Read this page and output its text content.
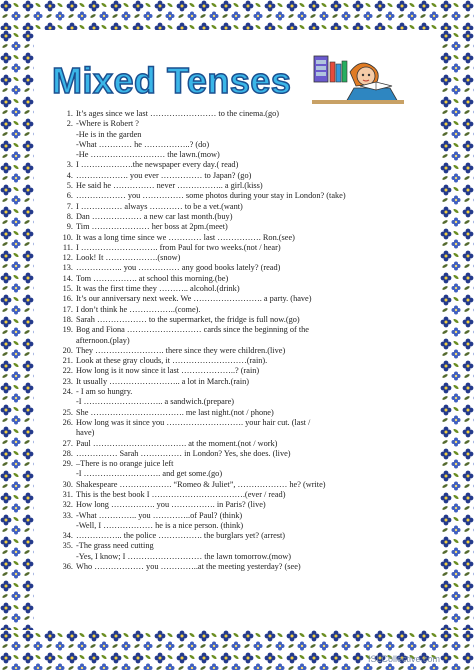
Mixed Tenses
1. It’s ages since we last …………………… to the cinema.(go)
2. -Where is Robert ?
-He is in the garden
-What ………… he ……………..? (do)
-He ……………………… the lawn.(mow)
3. I ……………….the newspaper every day.( read)
4. ………………. you ever …………… to Japan? (go)
5. He said he …………… never …………….. a girl.(kiss)
6. ……………… you …………… some photos during your stay in London? (take)
7. I …………… always ………… to be a vet.(want)
8. Dan ……………… a new car last month.(buy)
9. Tim ………………… her boss at 2pm.(meet)
10. It was a long time since we ………… last ……………. Ron.(see)
11. I ………………………. from Paul for two weeks.(not / hear)
12. Look! It ……………….(snow)
13. …………….. you …………… any good books lately? (read)
14. Tom ……………. at school this morning.(be)
15. It was the first time they ……….. alcohol.(drink)
16. It’s our anniversary next week. We ……………………. a party. (have)
17. I don’t think he ……………..(come).
18. Sarah ……………… to the supermarket, the fridge is full now.(go)
19. Bog and Fiona ……………………… cards since the beginning of the
afternoon.(play)
20. They ……………………. there since they were children.(live)
21. Look at these gray clouds, it ………………………(rain).
22. How long is it now since it last ………………..? (rain)
23. It usually …………………….. a lot in March.(rain)
24. - I am so hungry.
-I ……………………….. a sandwich.(prepare)
25. She ……………………………. me last night.(not / phone)
26. How long was it since you ………………………. your hair cut. (last /
have)
27. Paul ……………………………. at the moment.(not / work)
28. …………… Sarah …………… in London? Yes, she does. (live)
29. –There is no orange juice left
-I ………………………. and get some.(go)
30. Shakespeare ………………. “Romeo & Juliet”, ……………… he? (write)
31. This is the best book I …………………………….(ever / read)
32. How long ……………. you ……………. in Paris? (live)
33. -What ………….. you …………..of Paul? (think)
-Well, I ……………… he is a nice person. (think)
34. …………….. the police ……………. the burglars yet? (arrest)
35. -The grass need cutting
-Yes, I know; I ……………………… the lawn tomorrow.(mow)
36. Who ……………… you …………..at the meeting yesterday? (see)
ISLCollective.com
